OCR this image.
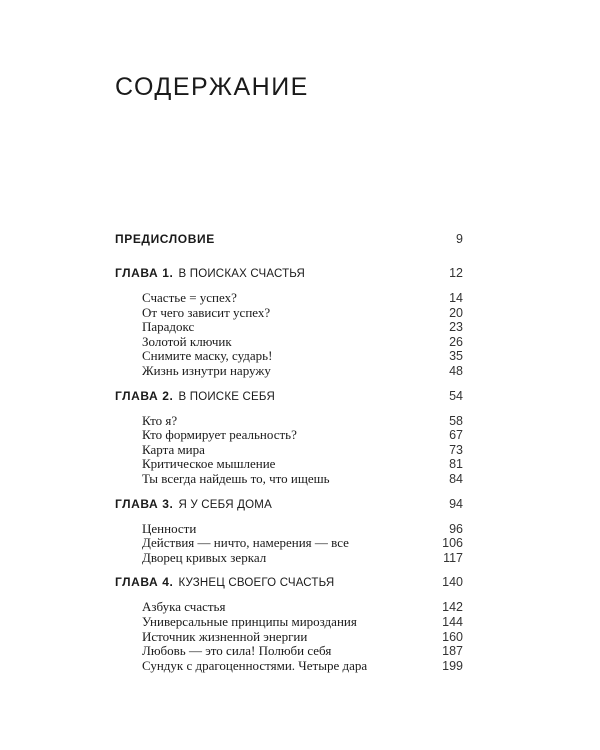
СОДЕРЖАНИЕ
ПРЕДИСЛОВИЕ	9
ГЛАВА 1. В ПОИСКАХ СЧАСТЬЯ	12
Счастье = успех?	14
От чего зависит успех?	20
Парадокс	23
Золотой ключик	26
Снимите маску, сударь!	35
Жизнь изнутри наружу	48
ГЛАВА 2. В ПОИСКЕ СЕБЯ	54
Кто я?	58
Кто формирует реальность?	67
Карта мира	73
Критическое мышление	81
Ты всегда найдешь то, что ищешь	84
ГЛАВА 3. Я У СЕБЯ ДОМА	94
Ценности	96
Действия — ничто, намерения — все	106
Дворец кривых зеркал	117
ГЛАВА 4. КУЗНЕЦ СВОЕГО СЧАСТЬЯ	140
Азбука счастья	142
Универсальные принципы мироздания	144
Источник жизненной энергии	160
Любовь — это сила! Полюби себя	187
Сундук с драгоценностями. Четыре дара	199
